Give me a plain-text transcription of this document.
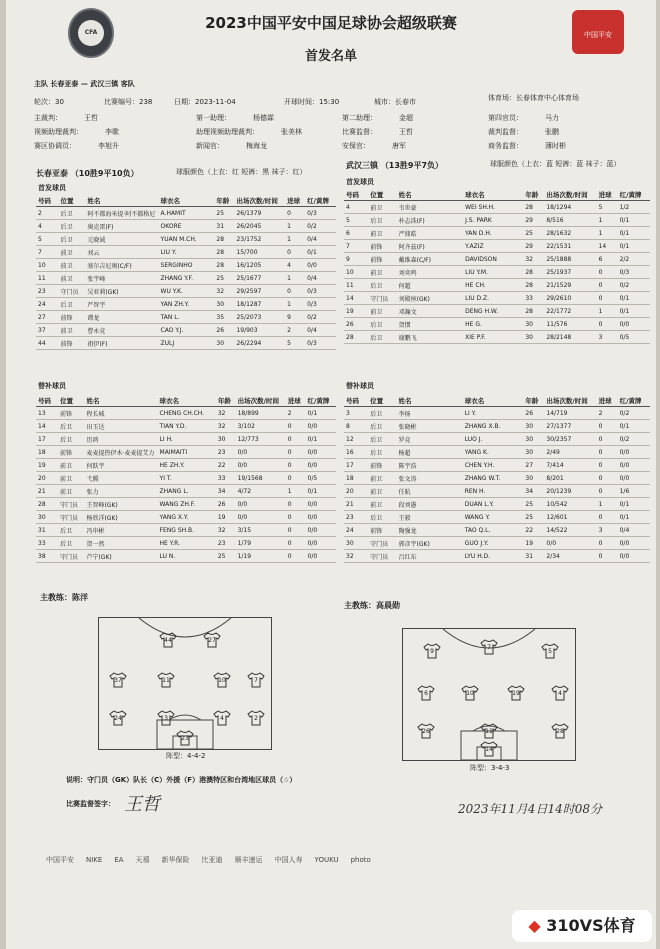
CFA	中国平安
2023中国平安中国足球协会超级联赛
首发名单
主队 长春亚泰 — 武汉三镇 客队
轮次：30	比赛编号：238	日期：2023-11-04	开球时间：15:30	城市：长春市	体育场：长春体育中心体育场
主裁判：	王哲	第一助理：	杨德霖	第二助理：	金超	第四官员：	马力
视频助理裁判：	李歌	助理视频助理裁判：	张美林	比赛监督：	王哲	裁判监督：	张鹏
赛区协调员：	李旭升	新闻官：	梅海龙	安保官：	唐军	商务监督：	薄时彬
长春亚泰 （10胜9平10负）	球服颜色（上衣：红 短裤：黑 袜子：红）
武汉三镇 （13胜9平7负）	球服颜色（上衣：蓝 短裤：蓝 袜子：蓝）
首发球员
首发球员
号码	位置	姓名	球衣名	年龄	出场次数/时间	进球	红/黄牌
2	后卫	阿不都海米提·阿不都格尼	A.HAMIT	25	26/1379	0	0/3
4	后卫	奥克雷(F)	OKORE	31	26/2045	1	0/2
5	后卫	元晓诚	YUAN M.CH.	28	23/1752	1	0/4
7	前卫	刘云	LIU Y.	28	15/700	0	0/1
10	前卫	塞尔吉尼奥(C/F)	SERGINHO	28	16/1205	4	0/0
11	前卫	张宇峰	ZHANG Y.F.	25	25/1677	1	0/4
23	守门员	吴亚莉(GK)	WU Y.K.	32	29/2597	0	0/3
24	后卫	严智宇	YAN ZH.Y.	30	18/1287	1	0/3
27	前锋	谭龙	TAN L.	35	25/2073	9	0/2
37	前卫	曹永竞	CAO Y.J.	26	19/903	2	0/4
44	前锋	祖伊(F)	ZULJ	30	26/2294	5	0/3
号码	位置	姓名	球衣名	年龄	出场次数/时间	进球	红/黄牌
4	前卫	韦世豪	WEI SH.H.	28	18/1294	5	1/2
5	后卫	朴志洙(F)	J.S. PARK	29	8/516	1	0/1
6	前卫	严鼎皓	YAN D.H.	25	28/1632	1	0/1
7	前锋	阿齐兹(F)	Y.AZIZ	29	22/1531	14	0/1
9	前锋	戴维森(C/F)	DAVIDSON	32	25/1888	6	2/2
10	前卫	刘奕鸣	LIU Y.M.	28	25/1937	0	0/3
11	后卫	何超	HE CH.	28	21/1529	0	0/2
14	守门员	刘殿座(GK)	LIU D.Z.	33	29/2610	0	0/1
19	前卫	邓瀚文	DENG H.W.	28	22/1772	1	0/1
26	后卫	贺惯	HE G.	30	11/576	0	0/0
28	后卫	谢鹏飞	XIE P.F.	30	28/2148	3	0/5
替补球员	替补球员
号码	位置	姓名	球衣名	年龄	出场次数/时间	进球	红/黄牌
13	前锋	程长城	CHENG CH.CH.	32	18/899	2	0/1
14	后卫	田玉达	TIAN Y.D.	32	3/102	0	0/0
17	后卫	历鸿	LI H.	30	12/773	0	0/1
18	前锋	麦麦提热伊木·麦麦提艾力	MAIMAITI	23	0/0	0	0/0
19	前卫	何跃宇	HE ZH.Y.	22	0/0	0	0/0
20	前卫	弋腾	YI T.	33	19/1568	0	0/5
21	前卫	张力	ZHANG L.	34	4/72	1	0/1
28	守门员	王智峰(GK)	WANG ZH.F.	26	0/0	0	0/0
30	守门员	杨欣洋(GK)	YANG X.Y.	19	0/0	0	0/0
31	后卫	冯申彬	FENG SH.B.	32	3/15	0	0/0
33	后卫	贺一然	HE Y.R.	23	1/79	0	0/0
38	守门员	芦宁(GK)	LU N.	25	1/19	0	0/0
号码	位置	姓名	球衣名	年龄	出场次数/时间	进球	红/黄牌
3	后卫	李扬	LI Y.	26	14/719	2	0/2
8	后卫	张晓彬	ZHANG X.B.	30	27/1377	0	0/1
12	后卫	罗竞	LUO J.	30	30/2357	0	0/2
16	后卫	杨超	YANG K.	30	2/49	0	0/0
17	前锋	陈宇浩	CHEN Y.H.	27	7/414	0	0/0
18	前卫	张文涛	ZHANG W.T.	30	8/201	0	0/0
20	前卫	任航	REN H.	34	20/1239	0	1/6
21	前卫	段刘愚	DUAN L.Y.	25	10/542	1	0/1
23	后卫	王毅	WANG Y.	25	12/601	0	0/1
24	前锋	陶强龙	TAO Q.L.	22	14/522	3	0/4
30	守门员	郭彦宇(GK)	GUO J.Y.	19	0/0	0	0/0
32	守门员	吕红东	LYU H.D.	31	2/34	0	0/0
主教练：陈洋
主教练：高晨勋
23
24	3	4	2
37	11	10	7
44	27
阵型：4-4-2
14
26	11	28
6	10	19	4
9
7
5
阵型：3-4-3
说明：守门员（GK）队长（C）外援（F）港澳特区和台湾地区球员（☆）
比赛监督签字： 王哲	2023年11月4日14时08分
中国平安 NIKE EA 天禧 新华保险 比亚迪 顺丰速运 中国人寿 YOUKU photo
◆ 310VS体育
